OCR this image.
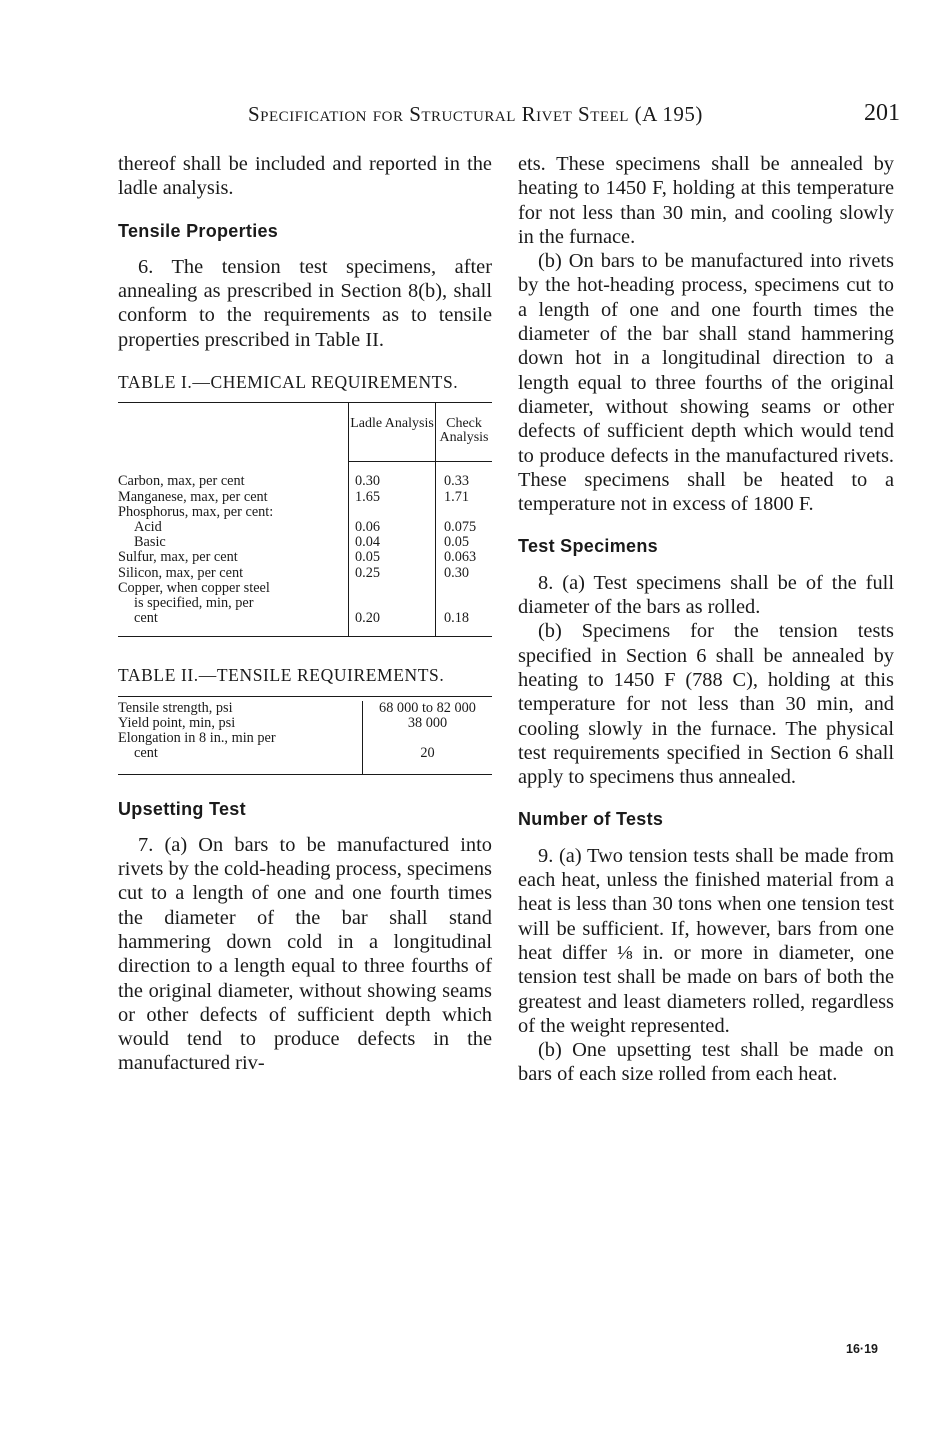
Specification for Structural Rivet Steel (A 195)	201

thereof shall be included and reported in the ladle analysis.

Tensile Properties

6. The tension test specimens, after annealing as prescribed in Section 8(b), shall conform to the requirements as to tensile properties prescribed in Table II.

TABLE I.—CHEMICAL REQUIREMENTS.
	Ladle Analysis	Check Analysis
Carbon, max, per cent	0.30	0.33
Manganese, max, per cent	1.65	1.71
Phosphorus, max, per cent:		
Acid	0.06	0.075
Basic	0.04	0.05
Sulfur, max, per cent	0.05	0.063
Silicon, max, per cent	0.25	0.30
Copper, when copper steel		
is specified, min, per		
cent	0.20	0.18
TABLE II.—TENSILE REQUIREMENTS.
Tensile strength, psi	68 000 to 82 000
Yield point, min, psi	38 000
Elongation in 8 in., min per	
cent	20
Upsetting Test

7. (a) On bars to be manufactured into rivets by the cold-heading process, specimens cut to a length of one and one fourth times the diameter of the bar shall stand hammering down cold in a longitudinal direction to a length equal to three fourths of the original diameter, without showing seams or other defects of sufficient depth which would tend to produce defects in the manufactured riv-

ets. These specimens shall be annealed by heating to 1450 F, holding at this temperature for not less than 30 min, and cooling slowly in the furnace.

(b) On bars to be manufactured into rivets by the hot-heading process, specimens cut to a length of one and one fourth times the diameter of the bar shall stand hammering down hot in a longitudinal direction to a length equal to three fourths of the original diameter, without showing seams or other defects of sufficient depth which would tend to produce defects in the manufactured rivets. These specimens shall be heated to a temperature not in excess of 1800 F.

Test Specimens

8. (a) Test specimens shall be of the full diameter of the bars as rolled.

(b) Specimens for the tension tests specified in Section 6 shall be annealed by heating to 1450 F (788 C), holding at this temperature for not less than 30 min, and cooling slowly in the furnace. The physical test requirements specified in Section 6 shall apply to specimens thus annealed.

Number of Tests

9. (a) Two tension tests shall be made from each heat, unless the finished material from a heat is less than 30 tons when one tension test will be sufficient. If, however, bars from one heat differ ⅛ in. or more in diameter, one tension test shall be made on bars of both the greatest and least diameters rolled, regardless of the weight represented.

(b) One upsetting test shall be made on bars of each size rolled from each heat.

16·19
